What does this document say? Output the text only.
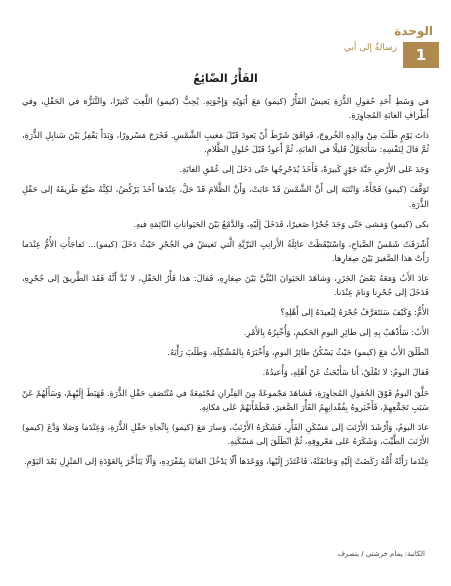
الوحدة
1
رسالةٌ إلى أبي
الفَأْرُ الضّائِعُ

في وَسَطِ أَحَدِ حُقولِ الذُّرَةِ يَعيشُ الفَأْرُ (كيمو) مَعَ أَبَوَيْهِ وَإِخْوَتِهِ. يُحِبُّ (كيمو) اللَّعِبَ كَثيرًا، والتَّنَزُّهَ في الحَقْلِ، وفي أَطْرافِ الغابَةِ المُجاوِرَةِ.

ذاتَ يَوْمٍ طَلَبَ مِنْ والِدِهِ الخُروجَ، فَوافَقَ شَرْطَ أَنْ يَعودَ قَبْلَ مَغيبِ الشَّمْسِ. فَخَرَجَ مَسْرورًا، وَبَدَأَ يَقْفِزُ بَيْنَ سَنابِلِ الذُّرَةِ، ثُمَّ قالَ لِنَفْسِهِ: سَأَتَجَوَّلُ قَليلًا في الغابَةِ، ثُمَّ أَعودُ قَبْلَ حُلولِ الظَّلامِ.

وَجَدَ عَلى الأَرْضِ حَبَّةَ جَوْزٍ كَبيرَةً، فَأَخَذَ يُدَحْرِجُها حَتّى دَخَلَ إلى عُمْقِ الغابَةِ.

تَوَقَّفَ (كيمو) فَجْأَةً، وَانْتَبَهَ إلى أَنَّ الشَّمْسَ قَدْ غابَتْ، وَأَنَّ الظَّلامَ قَدْ حَلَّ، عِنْدَها أَخَذَ يَرْكُضُ، لكِنَّهُ ضَيَّعَ طَريقَهُ إلى حَقْلِ الذُّرَةِ.

بكى (كيمو) وَمَشى حَتّى وَجَدَ جُحْرًا صَغيرًا، فَدَخَلَ إِلَيْهِ، وَالدَّمْعُ بَيْنَ الحَيَواناتِ النّائِمَةِ فيهِ.

أَشْرَقَتْ شَمْسُ الصَّباحِ، وَاسْتَيْقَظَتْ عائِلَةُ الأَرانِبِ البَرِّيَّةِ الَّتي تَعيشُ في الجُحْرِ حَيْثُ دَخَلَ (كيمو)... تَفاجَأَتِ الأُمُّ عِنْدَما رَأَتْ هذا الصَّغيرَ بَيْنَ صِغارِها.

عادَ الأَبُ وَمَعَهُ بَعْضُ الجَزَرِ، وَشاهَدَ الحَيَوانَ البُنِّيَّ بَيْنَ صِغارِهِ، فَقالَ: هذا فَأْرُ الحَقْلِ، لا بُدَّ أَنَّهُ فَقَدَ الطَّريقَ إلى جُحْرِهِ، فَدَخَلَ إلى جُحْرِنا وَنامَ عِنْدَنا.

الأُمُّ: وَكَيْفَ سَنَتَعَرَّفُ جُحْرَهُ لِنُعيدَهُ إلى أَهْلِهِ؟

الأَبُ: سَأَذْهَبُ بِهِ إلى طائِرِ البومِ الحَكيمِ، وَأُخْبِرُهُ بِالأَمْرِ.

انْطَلَقَ الأَبُ مَعَ (كيمو) حَيْثُ يَسْكُنُ طائِرُ البومِ، وَأَخْبَرَهُ بِالمُشْكِلَةِ، وَطَلَبَ رَأْيَهُ.

فَقالَ البومُ: لا تَقْلَقْ، أَنا سَأَبْحَثُ عَنْ أَهْلِهِ، وَأُعيدُهُ.

حَلَّقَ البومُ فَوْقَ الحُقولِ المُجاوِرَةِ، فَشاهَدَ مَجْموعَةً مِنَ الفِئْرانِ مُجْتَمِعَةً في مُنْتَصَفِ حَقْلِ الذُّرَةِ. فَهَبَطَ إِلَيْهِمْ، وَسَأَلَهُمْ عَنْ سَبَبِ تَجَمُّعِهِمْ، فَأَخْبَروهُ بِفُقْدانِهِمُ الفَأْرَ الصَّغيرَ، فَطَمْأَنَهُمْ عَلى مَكانِهِ.

عادَ البومُ، وَأَرْشَدَ الأَرْنَبَ إلى مَسْكَنِ الفَأْرِ، فَشَكَرَهُ الأَرْنَبُ، وَسارَ مَعَ (كيمو) بِاتِّجاهِ حَقْلِ الذُّرَةِ، وَعِنْدَما وَصَلا وَدَّعَ (كيمو) الأَرْنَبَ الطَّيِّبَ، وَشَكَرَهُ عَلى مَعْروفِهِ، ثُمَّ انْطَلَقَ إلى مَسْكَنِهِ.

عِنْدَما رَأَتْهُ أُمُّهُ رَكَضَتْ إِلَيْهِ وَعانَقَتْهُ، فَاعْتَذَرَ إِلَيْها، وَوَعَدَها أَلّا يَدْخُلَ الغابَةَ بِمُفْرَدِهِ، وَأَلّا يَتَأَخَّرَ بِالعَوْدَةِ إلى المَنْزِلِ بَعْدَ اليَوْمِ.

الكاتبة: يمام خرشتي / بتصرف
